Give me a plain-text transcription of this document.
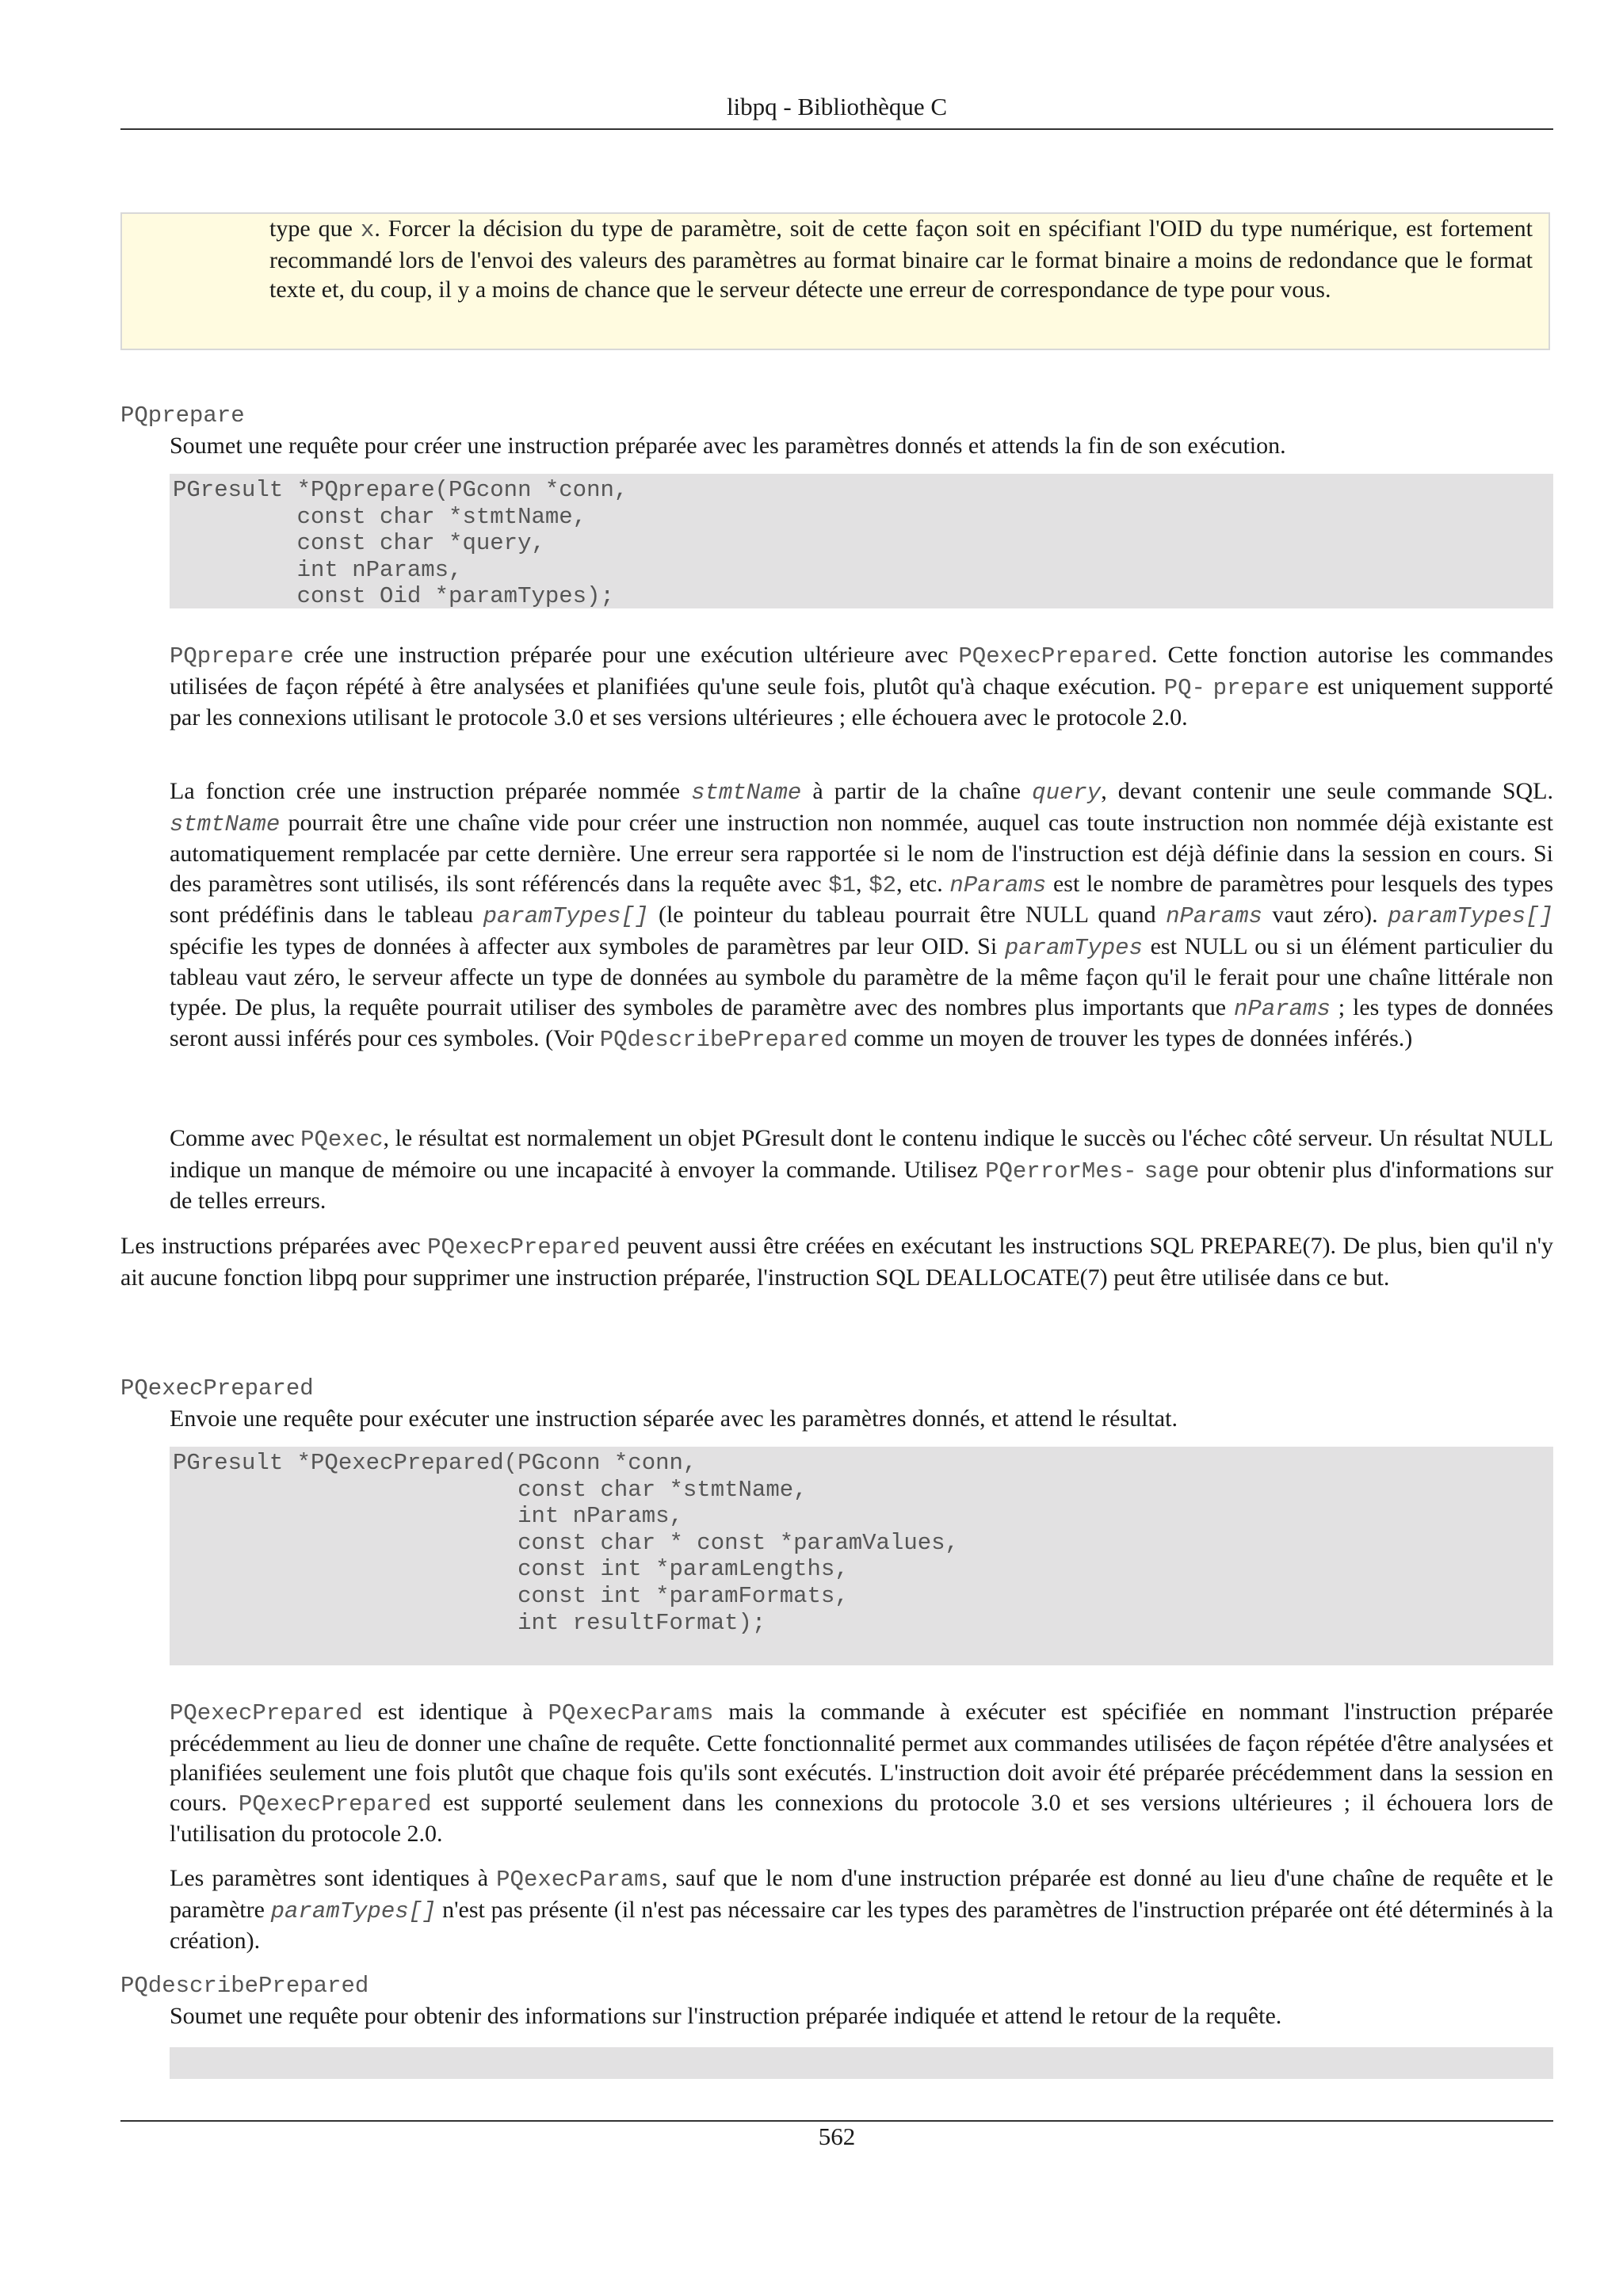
libpq - Bibliothèque C

type que x. Forcer la décision du type de paramètre, soit de cette façon soit en spécifiant l'OID du type numérique, est fortement recommandé lors de l'envoi des valeurs des paramètres au format binaire car le format binaire a moins de redondance que le format texte et, du coup, il y a moins de chance que le serveur détecte une erreur de correspondance de type pour vous.

PQprepare
Soumet une requête pour créer une instruction préparée avec les paramètres donnés et attends la fin de son exécution.
PGresult *PQprepare(PGconn *conn,
const char *stmtName,
const char *query,
int nParams,
const Oid *paramTypes);

PQprepare crée une instruction préparée pour une exécution ultérieure avec PQexecPrepared. Cette fonction autorise les commandes utilisées de façon répété à être analysées et planifiées qu'une seule fois, plutôt qu'à chaque exécution. PQ- prepare est uniquement supporté par les connexions utilisant le protocole 3.0 et ses versions ultérieures ; elle échouera avec le protocole 2.0.

La fonction crée une instruction préparée nommée stmtName à partir de la chaîne query, devant contenir une seule commande SQL. stmtName pourrait être une chaîne vide pour créer une instruction non nommée, auquel cas toute instruction non nommée déjà existante est automatiquement remplacée par cette dernière. Une erreur sera rapportée si le nom de l'instruction est déjà définie dans la session en cours. Si des paramètres sont utilisés, ils sont référencés dans la requête avec $1, $2, etc. nParams est le nombre de paramètres pour lesquels des types sont prédéfinis dans le tableau paramTypes[] (le pointeur du tableau pourrait être NULL quand nParams vaut zéro). paramTypes[] spécifie les types de données à affecter aux symboles de paramètres par leur OID. Si paramTypes est NULL ou si un élément particulier du tableau vaut zéro, le serveur affecte un type de données au symbole du paramètre de la même façon qu'il le ferait pour une chaîne littérale non typée. De plus, la requête pourrait utiliser des symboles de paramètre avec des nombres plus importants que nParams ; les types de données seront aussi inférés pour ces symboles. (Voir PQdescribePrepared comme un moyen de trouver les types de données inférés.)

Comme avec PQexec, le résultat est normalement un objet PGresult dont le contenu indique le succès ou l'échec côté serveur. Un résultat NULL indique un manque de mémoire ou une incapacité à envoyer la commande. Utilisez PQerrorMes- sage pour obtenir plus d'informations sur de telles erreurs.

Les instructions préparées avec PQexecPrepared peuvent aussi être créées en exécutant les instructions SQL PREPARE(7). De plus, bien qu'il n'y ait aucune fonction libpq pour supprimer une instruction préparée, l'instruction SQL DEALLOCATE(7) peut être utilisée dans ce but.

PQexecPrepared
Envoie une requête pour exécuter une instruction séparée avec les paramètres donnés, et attend le résultat.
PGresult *PQexecPrepared(PGconn *conn,
const char *stmtName,
int nParams,
const char * const *paramValues,
const int *paramLengths,
const int *paramFormats,
int resultFormat);

PQexecPrepared est identique à PQexecParams mais la commande à exécuter est spécifiée en nommant l'instruction préparée précédemment au lieu de donner une chaîne de requête. Cette fonctionnalité permet aux commandes utilisées de façon répétée d'être analysées et planifiées seulement une fois plutôt que chaque fois qu'ils sont exécutés. L'instruction doit avoir été préparée précédemment dans la session en cours. PQexecPrepared est supporté seulement dans les connexions du protocole 3.0 et ses versions ultérieures ; il échouera lors de l'utilisation du protocole 2.0.

Les paramètres sont identiques à PQexecParams, sauf que le nom d'une instruction préparée est donné au lieu d'une chaîne de requête et le paramètre paramTypes[] n'est pas présente (il n'est pas nécessaire car les types des paramètres de l'instruction préparée ont été déterminés à la création).

PQdescribePrepared
Soumet une requête pour obtenir des informations sur l'instruction préparée indiquée et attend le retour de la requête.
562
